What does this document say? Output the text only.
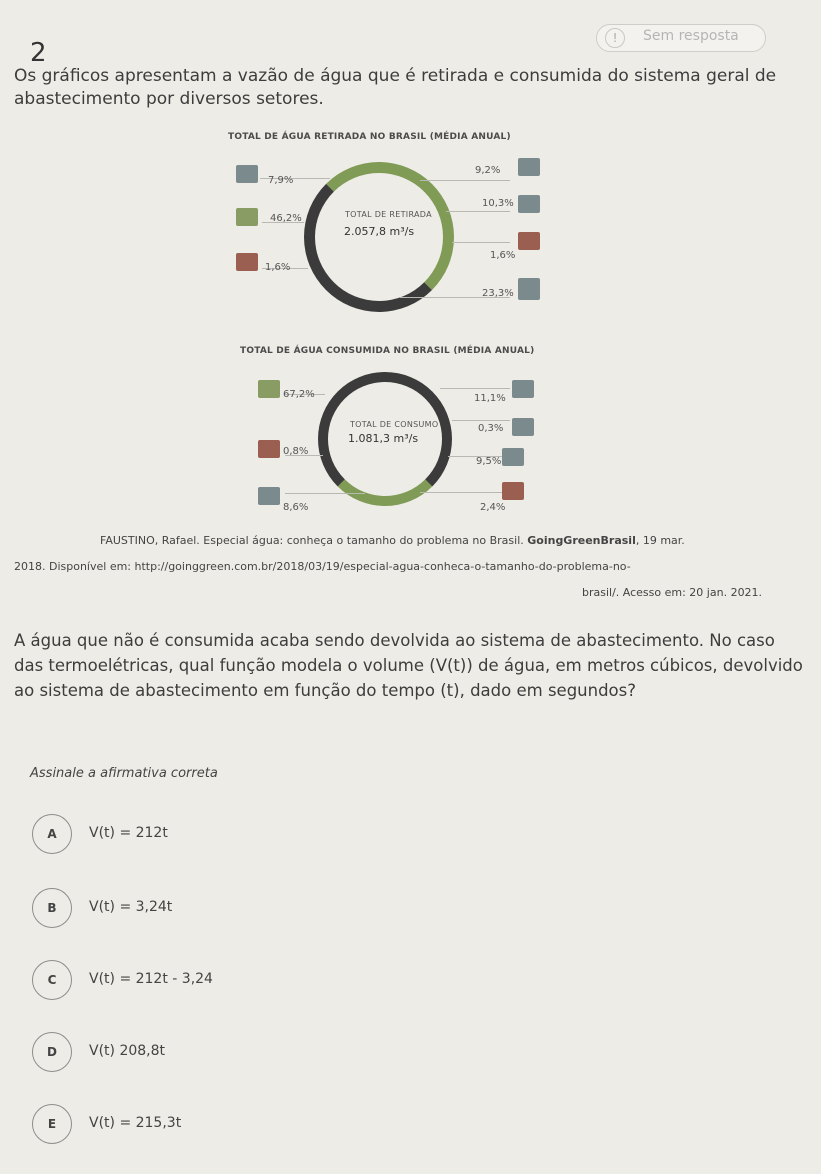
2	!	Sem resposta
Os gráficos apresentam a vazão de água que é retirada e consumida do sistema geral de abastecimento por diversos setores.
TOTAL DE ÁGUA RETIRADA NO BRASIL (MÉDIA ANUAL)
TOTAL DE RETIRADA
2.057,8 m³/s
7,9%
46,2%
1,6%
9,2%
10,3%
1,6%
23,3%
TOTAL DE ÁGUA CONSUMIDA NO BRASIL (MÉDIA ANUAL)
TOTAL DE CONSUMO
1.081,3 m³/s
67,2%
0,8%
8,6%
11,1%
0,3%
9,5%
2,4%
FAUSTINO, Rafael. Especial água: conheça o tamanho do problema no Brasil. GoingGreenBrasil, 19 mar.
2018. Disponível em: http://goinggreen.com.br/2018/03/19/especial-agua-conheca-o-tamanho-do-problema-no-
brasil/. Acesso em: 20 jan. 2021.
A água que não é consumida acaba sendo devolvida ao sistema de abastecimento. No caso das termoelétricas, qual função modela o volume (V(t)) de água, em metros cúbicos, devolvido ao sistema de abastecimento em função do tempo (t), dado em segundos?
Assinale a afirmativa correta
A	V(t) = 212t
B	V(t) = 3,24t
C	V(t) = 212t - 3,24
D	V(t) 208,8t
E	V(t) = 215,3t
